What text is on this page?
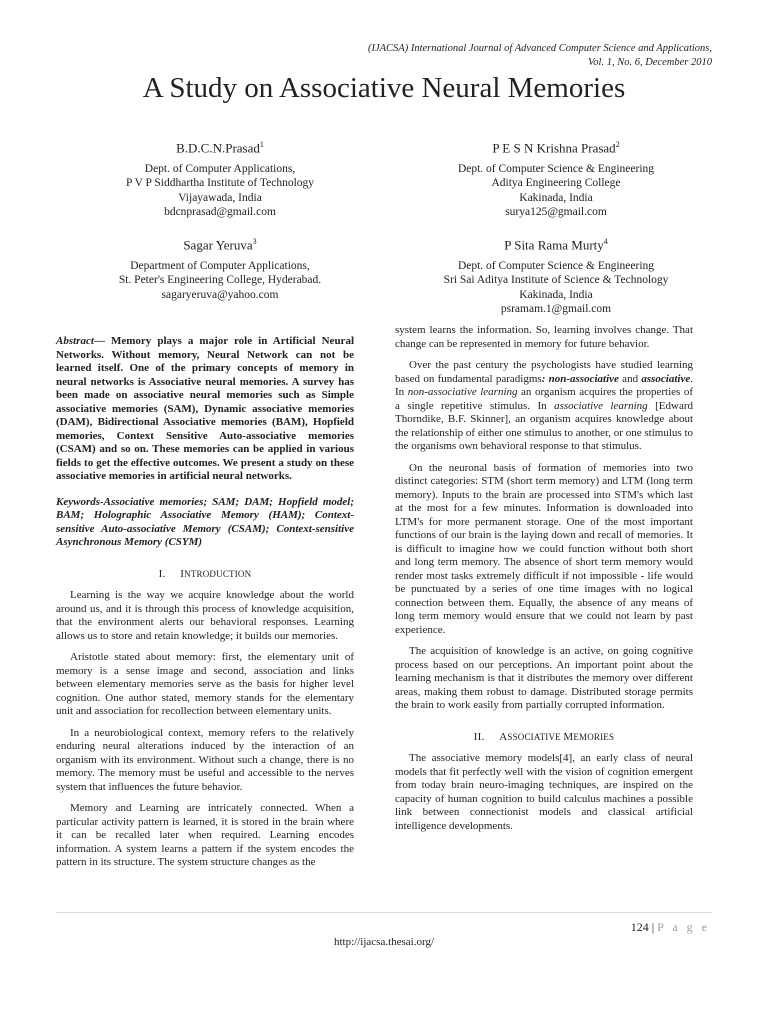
(IJACSA) International Journal of Advanced Computer Science and Applications,
Vol. 1, No. 6, December 2010
A Study on Associative Neural Memories
B.D.C.N.Prasad$^1$
Dept. of Computer Applications,
P V P Siddhartha Institute of Technology
Vijayawada, India
bdcnprasad@gmail.com
P E S N Krishna Prasad$^2$
Dept. of Computer Science & Engineering
Aditya Engineering College
Kakinada, India
surya125@gmail.com
Sagar Yeruva$^3$
Department of Computer Applications,
St. Peter's Engineering College, Hyderabad.
sagaryeruva@yahoo.com
P Sita Rama Murty$^4$
Dept. of Computer Science & Engineering
Sri Sai Aditya Institute of Science & Technology
Kakinada, India
psramam.1@gmail.com

Abstract— Memory plays a major role in Artificial Neural Networks. Without memory, Neural Network can not be learned itself. One of the primary concepts of memory in neural networks is Associative neural memories. A survey has been made on associative neural memories such as Simple associative memories (SAM), Dynamic associative memories (DAM), Bidirectional Associative memories (BAM), Hopfield memories, Context Sensitive Auto-associative memories (CSAM) and so on. These memories can be applied in various fields to get the effective outcomes. We present a study on these associative memories in artificial neural networks.

Keywords-Associative memories; SAM; DAM; Hopfield model; BAM; Holographic Associative Memory (HAM); Context-sensitive Auto-associative Memory (CSAM); Context-sensitive Asynchronous Memory (CSYM)

I. INTRODUCTION

Learning is the way we acquire knowledge about the world around us, and it is through this process of knowledge acquisition, that the environment alerts our behavioral responses. Learning allows us to store and retain knowledge; it builds our memories.

Aristotle stated about memory: first, the elementary unit of memory is a sense image and second, association and links between elementary memories serve as the basis for higher level cognition. One author stated, memory stands for the elementary unit and association for recollection between elementary units.

In a neurobiological context, memory refers to the relatively enduring neural alterations induced by the interaction of an organism with its environment. Without such a change, there is no memory. The memory must be useful and accessible to the nerves system that influences the future behavior.

Memory and Learning are intricately connected. When a particular activity pattern is learned, it is stored in the brain where it can be recalled later when required. Learning encodes information. A system learns a pattern if the system encodes the pattern in its structure. The system structure changes as the

system learns the information. So, learning involves change. That change can be represented in memory for future behavior.

Over the past century the psychologists have studied learning based on fundamental paradigms: non-associative and associative. In non-associative learning an organism acquires the properties of a single repetitive stimulus. In associative learning [Edward Thorndike, B.F. Skinner], an organism acquires knowledge about the relationship of either one stimulus to another, or one stimulus to the organisms own behavioral response to that stimulus.

On the neuronal basis of formation of memories into two distinct categories: STM (short term memory) and LTM (long term memory). Inputs to the brain are processed into STM's which last at the most for a few minutes. Information is downloaded into LTM's for more permanent storage. One of the most important functions of our brain is the laying down and recall of memories. It is difficult to imagine how we could function without both short and long term memory. The absence of short term memory would render most tasks extremely difficult if not impossible - life would be punctuated by a series of one time images with no logical connection between them. Equally, the absence of any means of long term memory would ensure that we could not learn by past experience.

The acquisition of knowledge is an active, on going cognitive process based on our perceptions. An important point about the learning mechanism is that it distributes the memory over different areas, making them robust to damage. Distributed storage permits the brain to work easily from partially corrupted information.

II. ASSOCIATIVE MEMORIES

The associative memory models[4], an early class of neural models that fit perfectly well with the vision of cognition emergent from today brain neuro-imaging techniques, are inspired on the capacity of human cognition to build calculus machines a possible link between connectionist models and classical artificial intelligence developments.

124 | P a g e
http://ijacsa.thesai.org/
